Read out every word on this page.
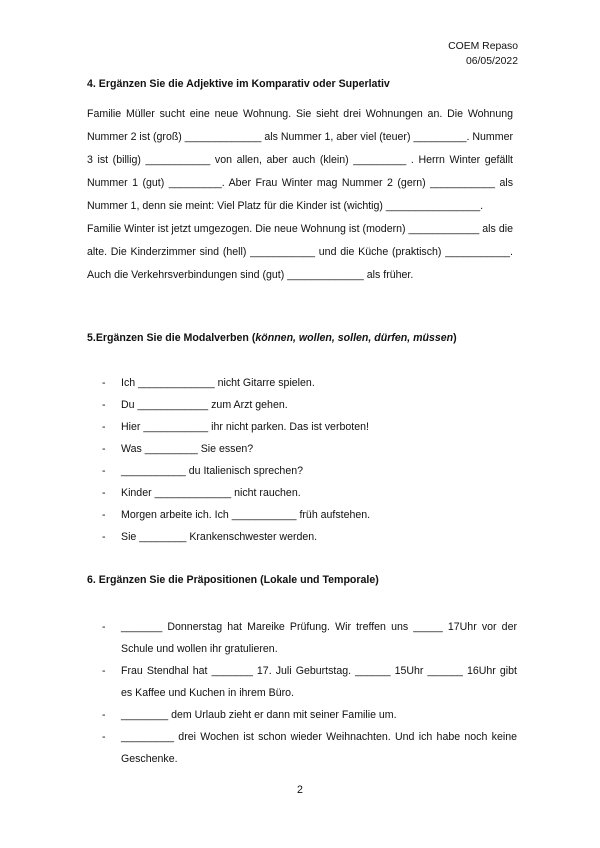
COEM Repaso
06/05/2022
4. Ergänzen Sie die Adjektive im Komparativ oder Superlativ

Familie Müller sucht eine neue Wohnung. Sie sieht drei Wohnungen an. Die Wohnung Nummer 2 ist (groß) _____________ als Nummer 1, aber viel (teuer) _________. Nummer 3 ist (billig) ___________ von allen, aber auch (klein) _________ . Herrn Winter gefällt Nummer 1 (gut) _________. Aber Frau Winter mag Nummer 2 (gern) ___________ als Nummer 1, denn sie meint: Viel Platz für die Kinder ist (wichtig) ________________.

Familie Winter ist jetzt umgezogen. Die neue Wohnung ist (modern) ____________ als die alte. Die Kinderzimmer sind (hell) ___________ und die Küche (praktisch) ___________. Auch die Verkehrsverbindungen sind (gut) _____________ als früher.

5.Ergänzen Sie die Modalverben (können, wollen, sollen, dürfen, müssen)
- Ich _____________ nicht Gitarre spielen.
- Du ____________ zum Arzt gehen.
- Hier ___________ ihr nicht parken. Das ist verboten!
- Was _________ Sie essen?
- ___________ du Italienisch sprechen?
- Kinder _____________ nicht rauchen.
- Morgen arbeite ich. Ich ___________ früh aufstehen.
- Sie ________ Krankenschwester werden.
6. Ergänzen Sie die Präpositionen (Lokale und Temporale)
- _______ Donnerstag hat Mareike Prüfung. Wir treffen uns _____ 17Uhr vor der Schule und wollen ihr gratulieren.
- Frau Stendhal hat _______ 17. Juli Geburtstag. ______ 15Uhr ______ 16Uhr gibt es Kaffee und Kuchen in ihrem Büro.
- ________ dem Urlaub zieht er dann mit seiner Familie um.
- _________ drei Wochen ist schon wieder Weihnachten. Und ich habe noch keine Geschenke.
2
